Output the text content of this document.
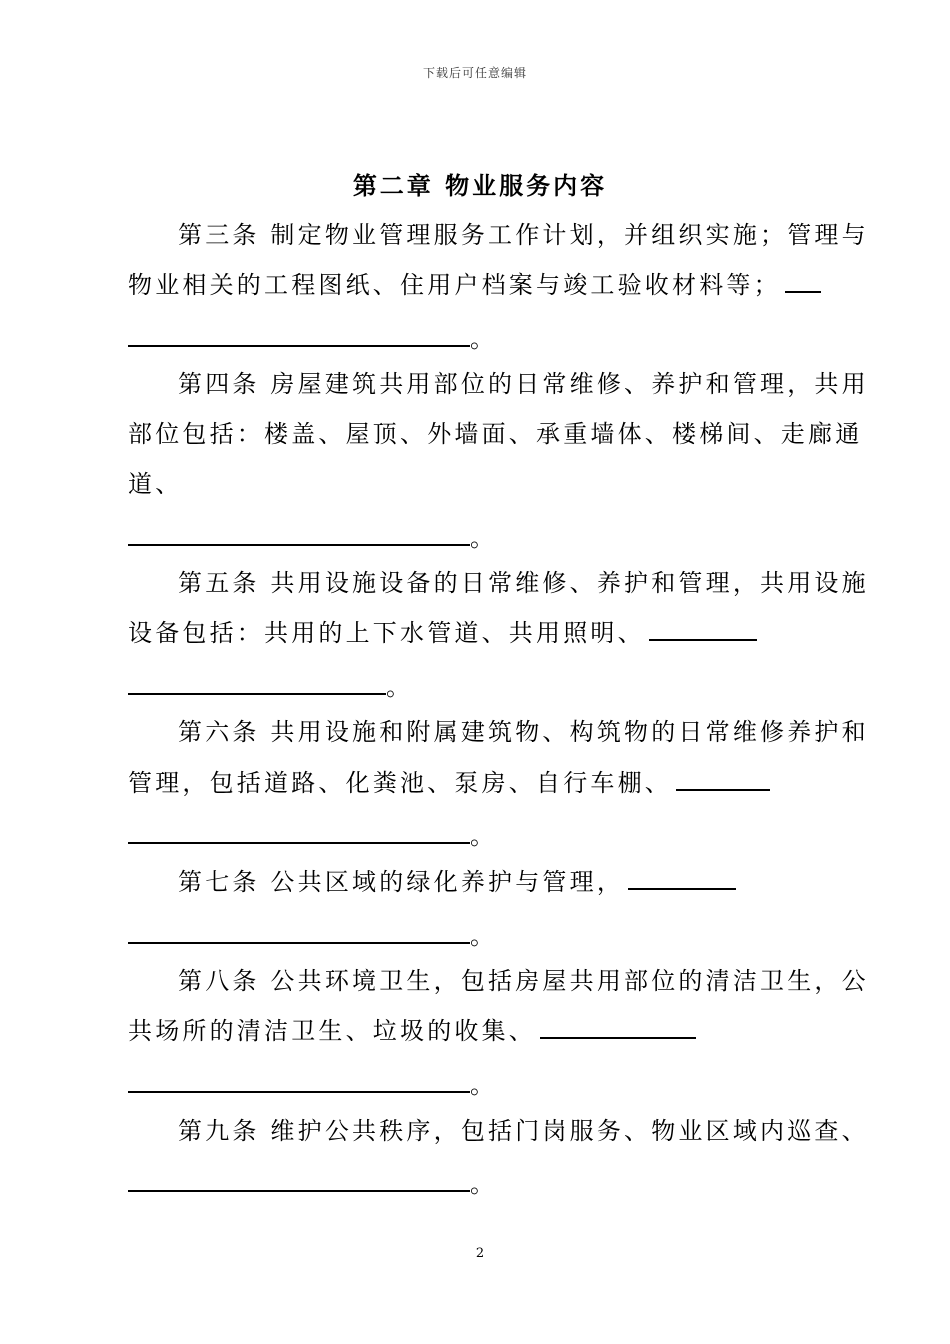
下载后可任意编辑
第二章 物业服务内容
第三条 制定物业管理服务工作计划，并组织实施；管理与
物业相关的工程图纸、住用户档案与竣工验收材料等；
。
第四条 房屋建筑共用部位的日常维修、养护和管理，共用
部位包括：楼盖、屋顶、外墙面、承重墙体、楼梯间、走廊通
道、
。
第五条 共用设施设备的日常维修、养护和管理，共用设施
设备包括：共用的上下水管道、共用照明、
。
第六条 共用设施和附属建筑物、构筑物的日常维修养护和
管理，包括道路、化粪池、泵房、自行车棚、
。
第七条 公共区域的绿化养护与管理，
。
第八条 公共环境卫生，包括房屋共用部位的清洁卫生，公
共场所的清洁卫生、垃圾的收集、
。
第九条 维护公共秩序，包括门岗服务、物业区域内巡查、
。
2
